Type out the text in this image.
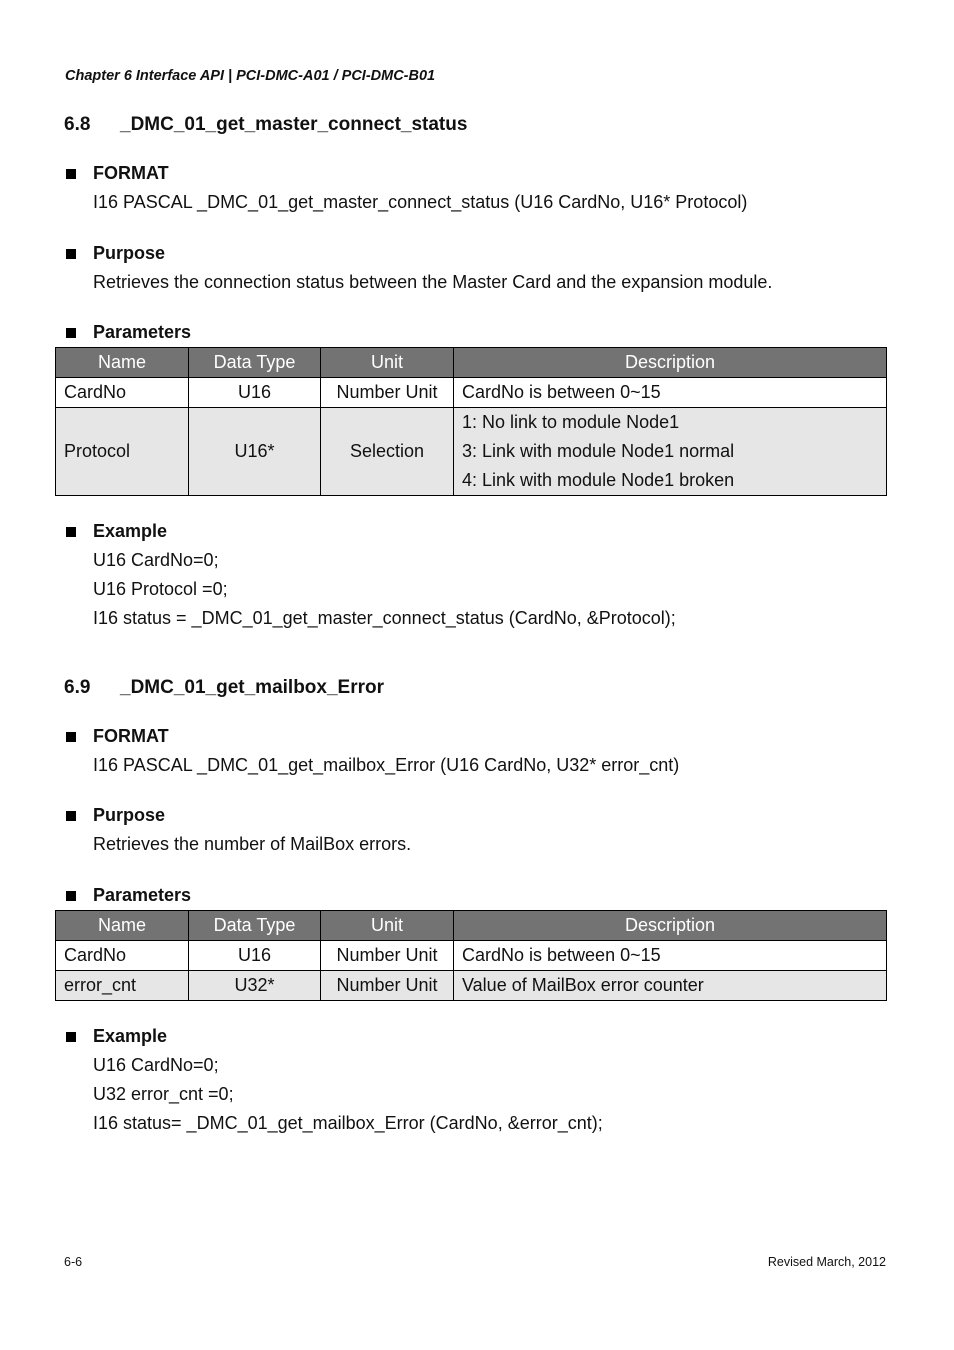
Chapter 6 Interface API | PCI-DMC-A01 / PCI-DMC-B01
6.8 _DMC_01_get_master_connect_status
FORMAT
I16 PASCAL _DMC_01_get_master_connect_status (U16 CardNo, U16* Protocol)
Purpose
Retrieves the connection status between the Master Card and the expansion module.
Parameters
Name	Data Type	Unit	Description
CardNo	U16	Number Unit	CardNo is between 0~15
Protocol	U16*	Selection	1: No link to module Node1
3: Link with module Node1 normal
4: Link with module Node1 broken
Example
U16 CardNo=0;
U16 Protocol =0;
I16 status = _DMC_01_get_master_connect_status (CardNo, &Protocol);
6.9 _DMC_01_get_mailbox_Error
FORMAT
I16 PASCAL _DMC_01_get_mailbox_Error (U16 CardNo, U32* error_cnt)
Purpose
Retrieves the number of MailBox errors.
Parameters
Name	Data Type	Unit	Description
CardNo	U16	Number Unit	CardNo is between 0~15
error_cnt	U32*	Number Unit	Value of MailBox error counter
Example
U16 CardNo=0;
U32 error_cnt =0;
I16 status= _DMC_01_get_mailbox_Error (CardNo, &error_cnt);
6-6	Revised March, 2012
